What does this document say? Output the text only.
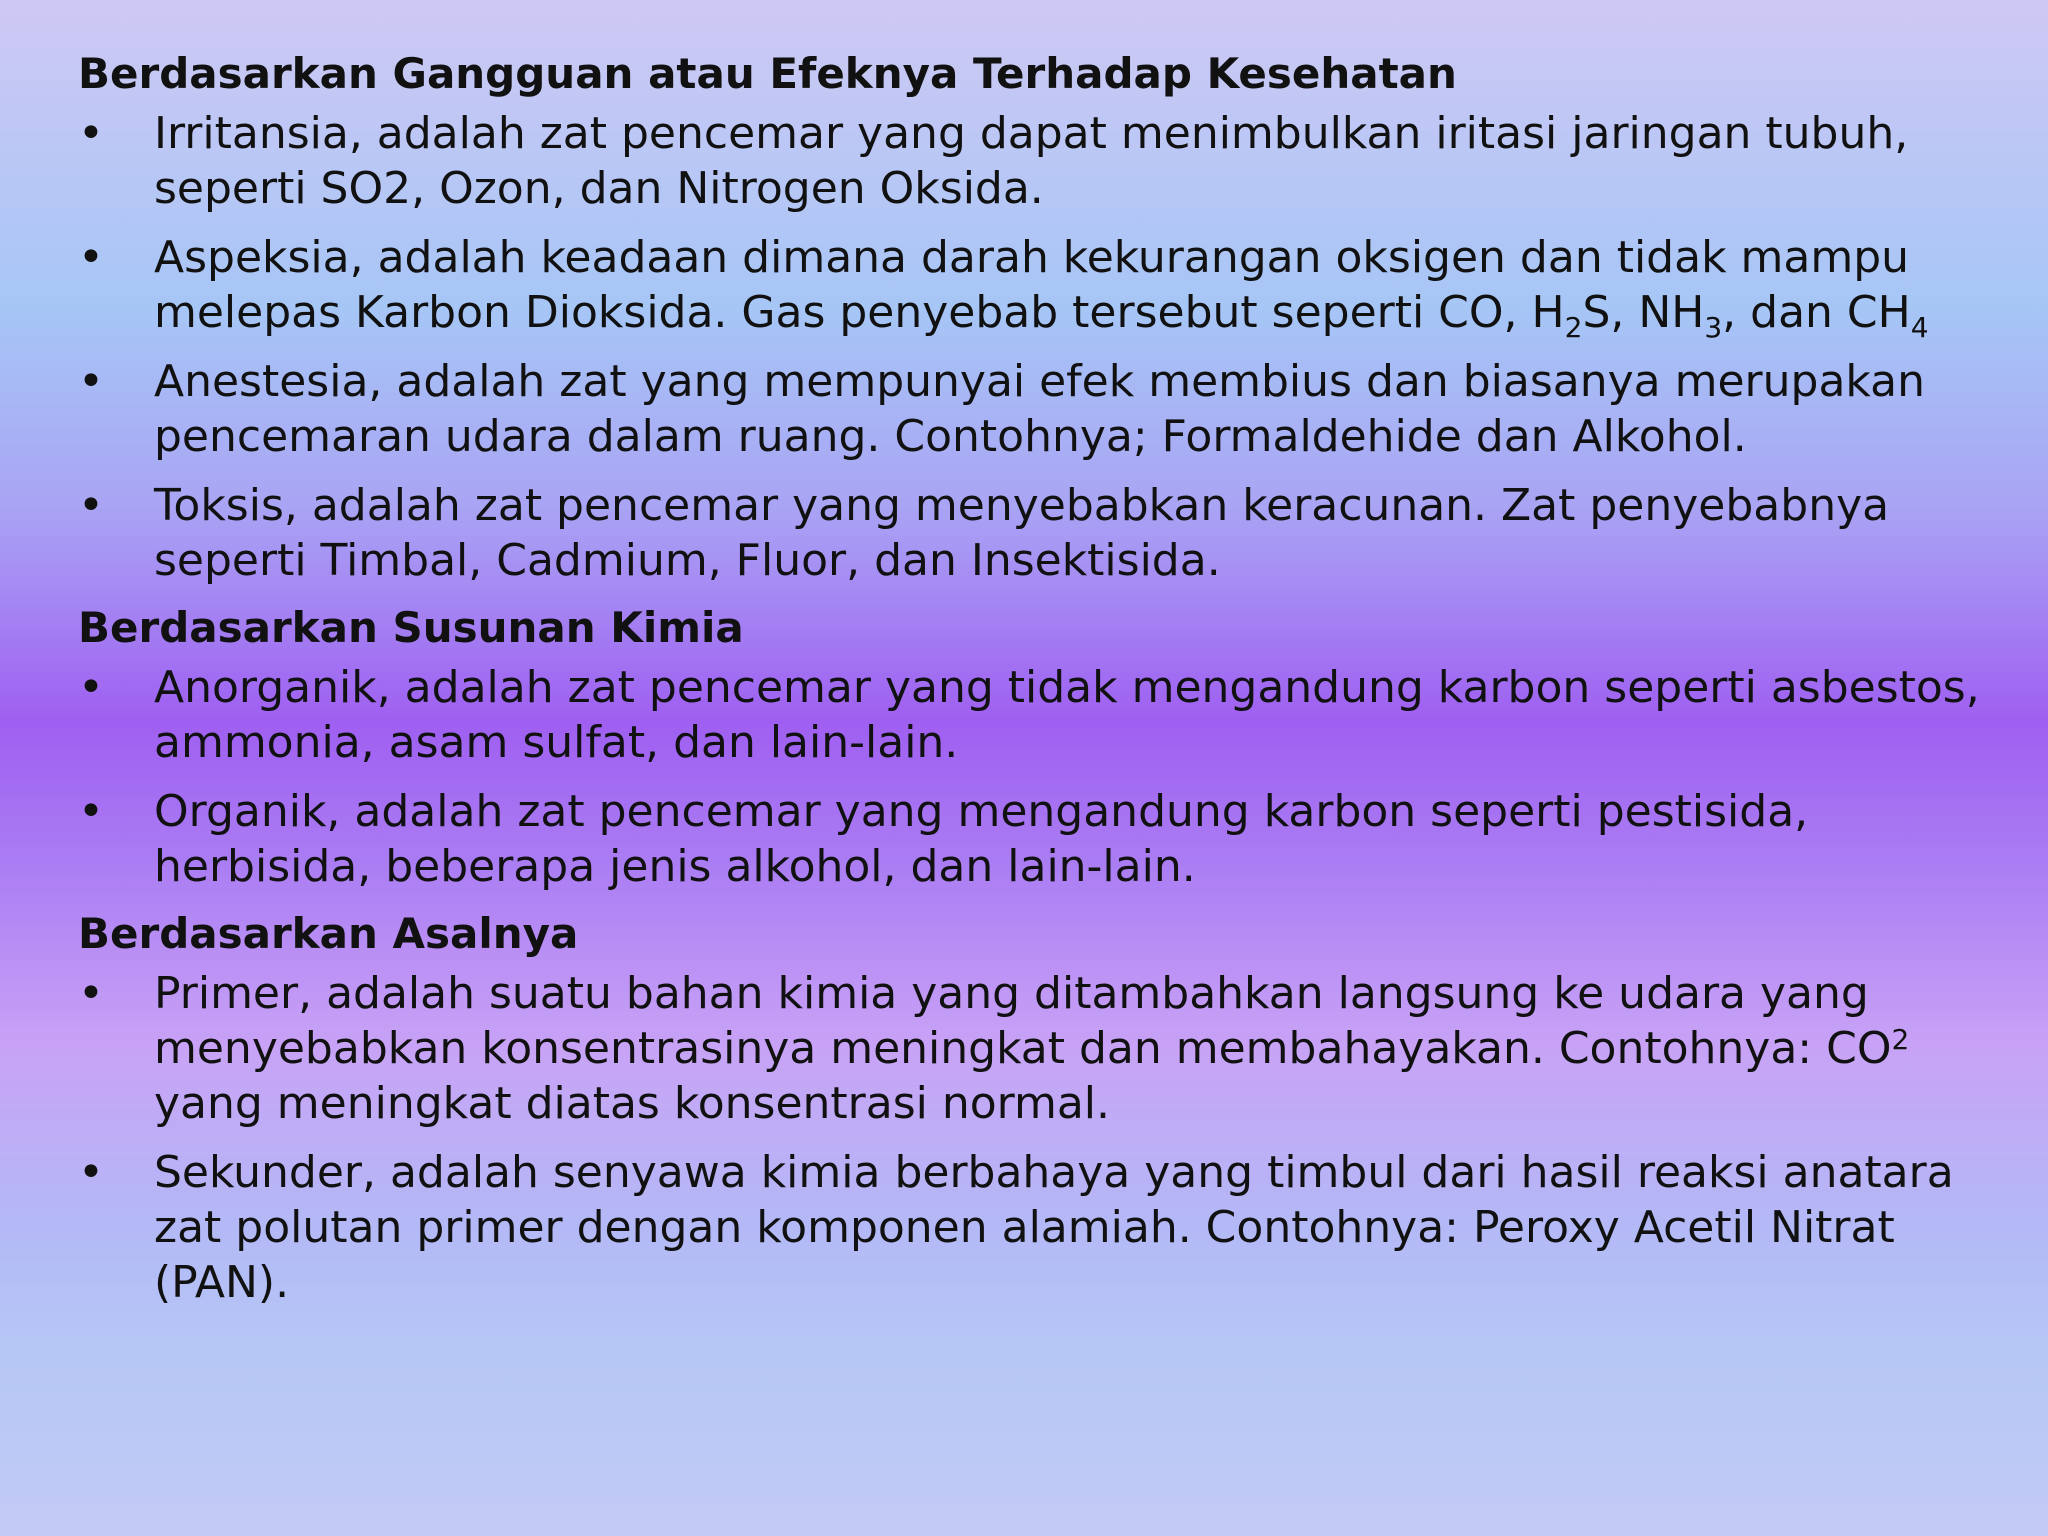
Berdasarkan Gangguan atau Efeknya Terhadap Kesehatan
• Irritansia, adalah zat pencemar yang dapat menimbulkan iritasi jaringan tubuh, seperti SO2, Ozon, dan Nitrogen Oksida.
• Aspeksia, adalah keadaan dimana darah kekurangan oksigen dan tidak mampu melepas Karbon Dioksida. Gas penyebab tersebut seperti CO, $H_2S$, $NH_3$, dan $CH_4$
• Anestesia, adalah zat yang mempunyai efek membius dan biasanya merupakan pencemaran udara dalam ruang. Contohnya; Formaldehide dan Alkohol.
• Toksis, adalah zat pencemar yang menyebabkan keracunan. Zat penyebabnya seperti Timbal, Cadmium, Fluor, dan Insektisida.
Berdasarkan Susunan Kimia
• Anorganik, adalah zat pencemar yang tidak mengandung karbon seperti asbestos, ammonia, asam sulfat, dan lain-lain.
• Organik, adalah zat pencemar yang mengandung karbon seperti pestisida, herbisida, beberapa jenis alkohol, dan lain-lain.
Berdasarkan Asalnya
• Primer, adalah suatu bahan kimia yang ditambahkan langsung ke udara yang menyebabkan konsentrasinya meningkat dan membahayakan. Contohnya: $CO^2$ yang meningkat diatas konsentrasi normal.
• Sekunder, adalah senyawa kimia berbahaya yang timbul dari hasil reaksi anatara zat polutan primer dengan komponen alamiah. Contohnya: Peroxy Acetil Nitrat (PAN).
